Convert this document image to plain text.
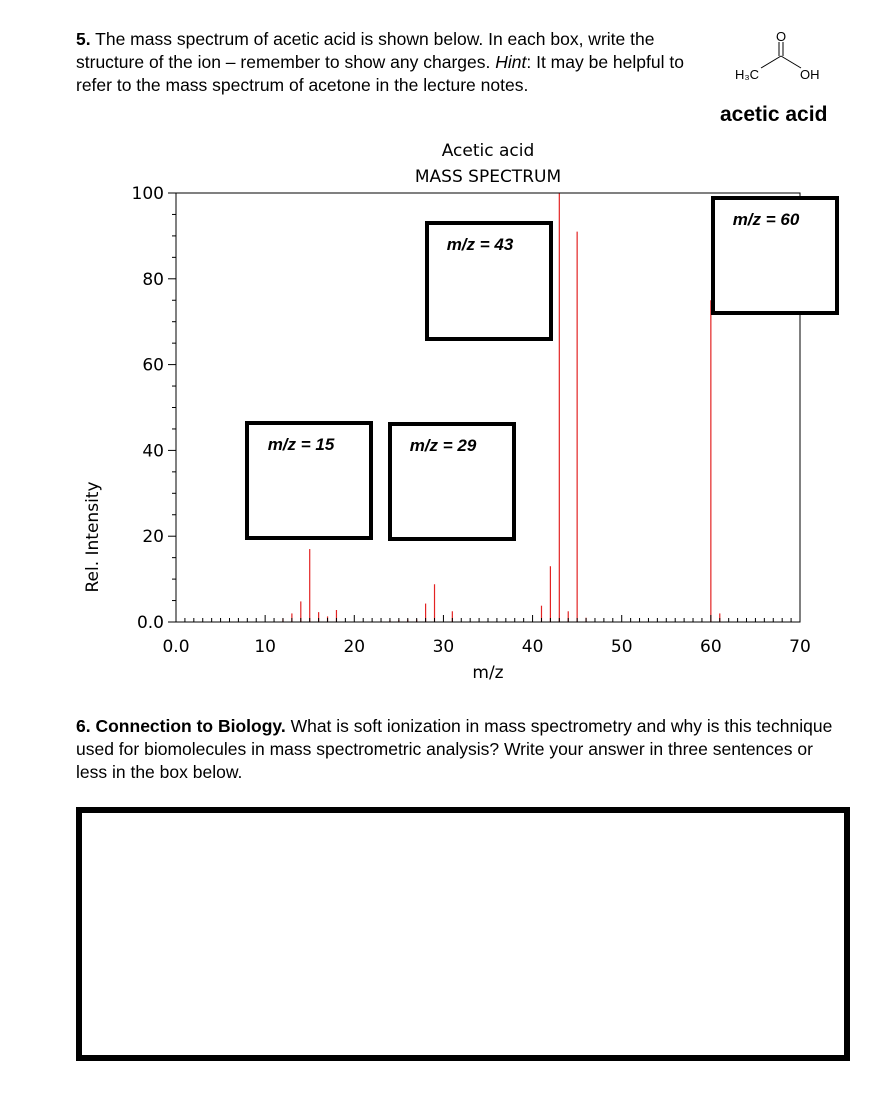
5. The mass spectrum of acetic acid is shown below. In each box, write the structure of the ion – remember to show any charges. Hint: It may be helpful to refer to the mass spectrum of acetone in the lecture notes.
O
H₃C	OH
acetic acid
Acetic acid
MASS SPECTRUM
0.0	10	20	30	40	50	60	70
0.0
20
40
60
80
100
m/z
Rel. Intensity
m/z = 15	m/z = 29
m/z = 43
m/z = 60
6. Connection to Biology. What is soft ionization in mass spectrometry and why is this technique used for biomolecules in mass spectrometric analysis? Write your answer in three sentences or less in the box below.
